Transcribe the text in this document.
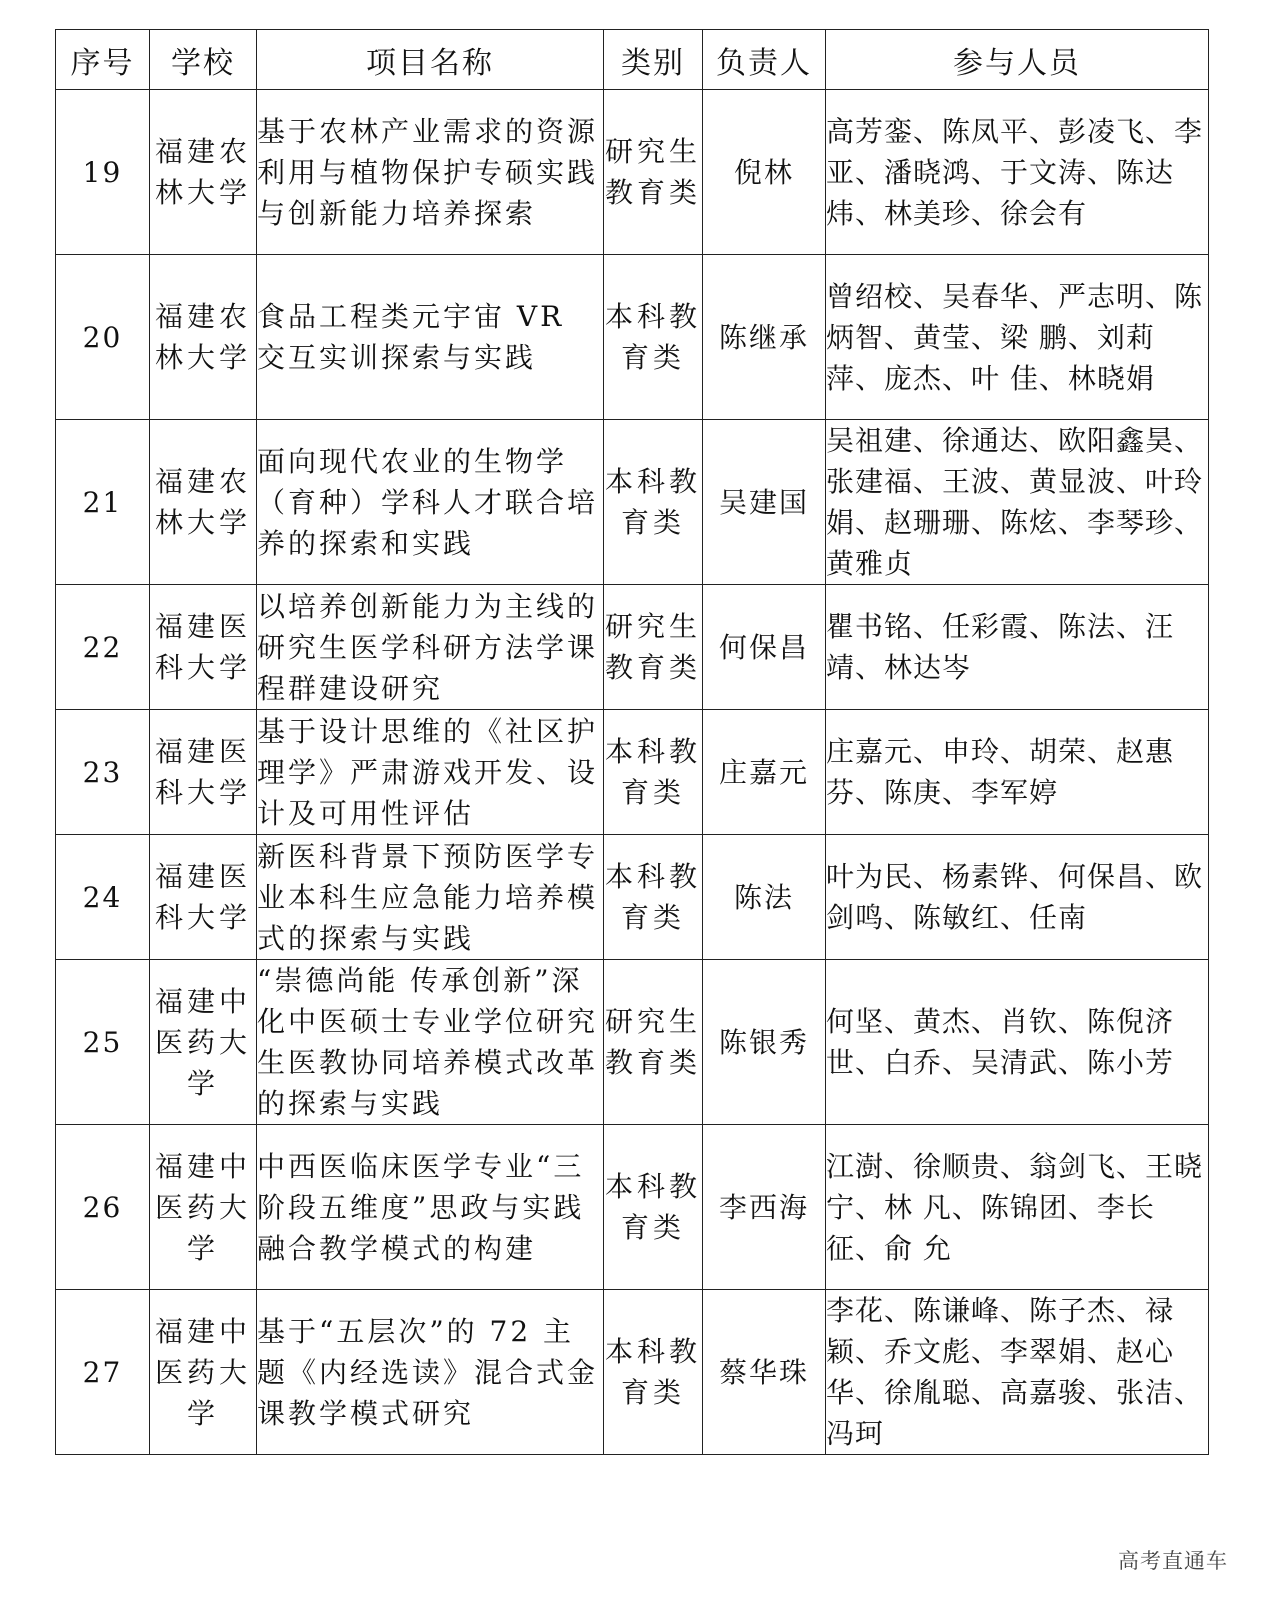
序号	学校	项目名称	类别	负责人	参与人员
19	福建农林大学	基于农林产业需求的资源利用与植物保护专硕实践与创新能力培养探索	研究生教育类	倪林	高芳銮、陈凤平、彭凌飞、李亚、潘晓鸿、于文涛、陈达炜、林美珍、徐会有
20	福建农林大学	食品工程类元宇宙 VR 交互实训探索与实践	本科教育类	陈继承	曾绍校、吴春华、严志明、陈炳智、黄莹、梁 鹏、刘莉萍、庞杰、叶 佳、林晓娟
21	福建农林大学	面向现代农业的生物学（育种）学科人才联合培养的探索和实践	本科教育类	吴建国	吴祖建、徐通达、欧阳鑫昊、张建福、王波、黄显波、叶玲娟、赵珊珊、陈炫、李琴珍、黄雅贞
22	福建医科大学	以培养创新能力为主线的研究生医学科研方法学课程群建设研究	研究生教育类	何保昌	瞿书铭、任彩霞、陈法、汪靖、林达岑
23	福建医科大学	基于设计思维的《社区护理学》严肃游戏开发、设计及可用性评估	本科教育类	庄嘉元	庄嘉元、申玲、胡荣、赵惠芬、陈庚、李军婷
24	福建医科大学	新医科背景下预防医学专业本科生应急能力培养模式的探索与实践	本科教育类	陈法	叶为民、杨素铧、何保昌、欧剑鸣、陈敏红、任南
25	福建中医药大学	“崇德尚能 传承创新”深化中医硕士专业学位研究生医教协同培养模式改革的探索与实践	研究生教育类	陈银秀	何坚、黄杰、肖钦、陈倪济世、白乔、吴清武、陈小芳
26	福建中医药大学	中西医临床医学专业“三阶段五维度”思政与实践融合教学模式的构建	本科教育类	李西海	江澍、徐顺贵、翁剑飞、王晓宁、林 凡、陈锦团、李长征、俞 允
27	福建中医药大学	基于“五层次”的 72 主题《内经选读》混合式金课教学模式研究	本科教育类	蔡华珠	李花、陈谦峰、陈子杰、禄颖、乔文彪、李翠娟、赵心华、徐胤聪、高嘉骏、张洁、冯珂
高考直通车
